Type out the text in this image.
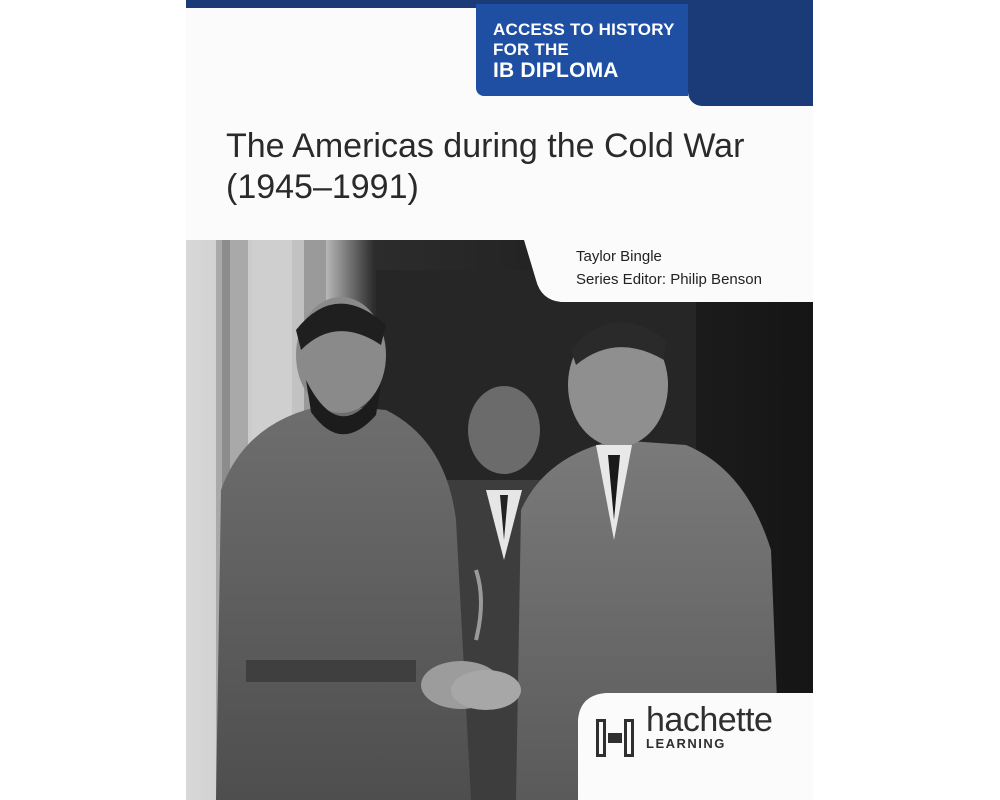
ACCESS TO HISTORY
FOR THE
IB DIPLOMA
The Americas during the Cold War
(1945–1991)
Taylor Bingle
Series Editor: Philip Benson
hachette
LEARNING
